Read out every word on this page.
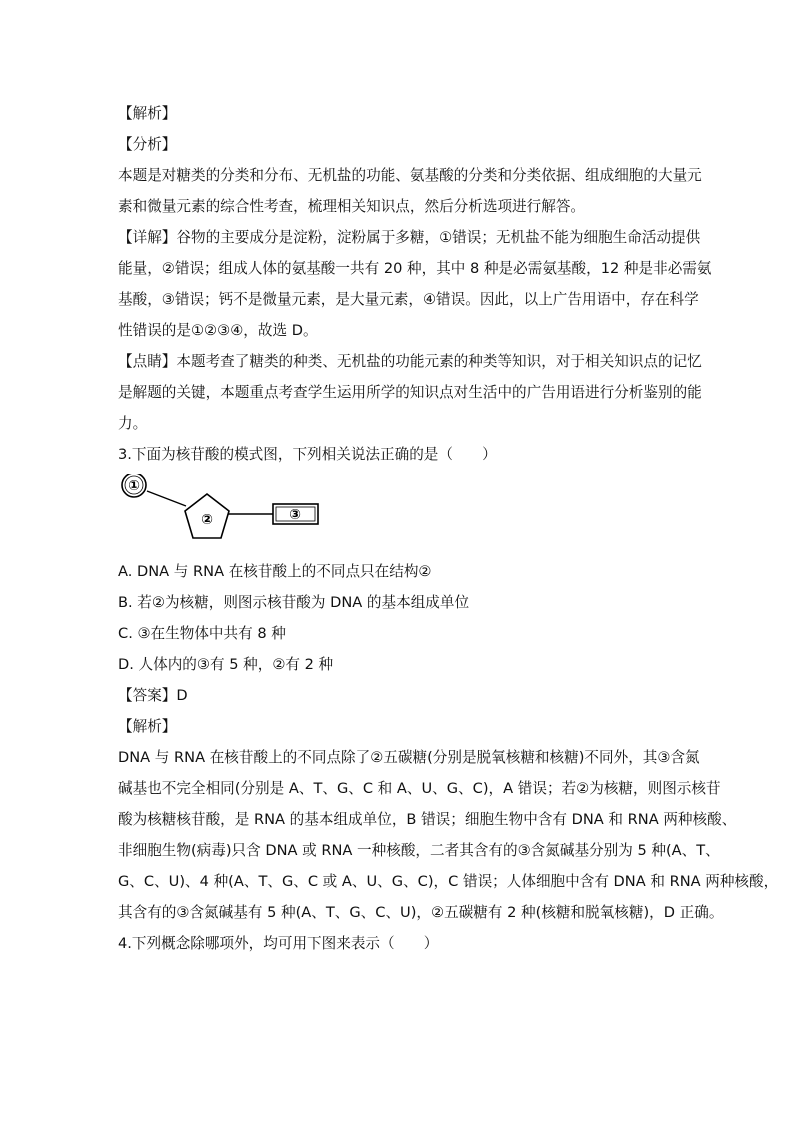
【解析】
【分析】
本题是对糖类的分类和分布、无机盐的功能、氨基酸的分类和分类依据、组成细胞的大量元
素和微量元素的综合性考查，梳理相关知识点，然后分析选项进行解答。
【详解】谷物的主要成分是淀粉，淀粉属于多糖，①错误；无机盐不能为细胞生命活动提供
能量，②错误；组成人体的氨基酸一共有 20 种，其中 8 种是必需氨基酸，12 种是非必需氨
基酸，③错误；钙不是微量元素，是大量元素，④错误。因此，以上广告用语中，存在科学
性错误的是①②③④，故选 D。
【点睛】本题考查了糖类的种类、无机盐的功能元素的种类等知识，对于相关知识点的记忆
是解题的关键，本题重点考查学生运用所学的知识点对生活中的广告用语进行分析鉴别的能
力。
3.下面为核苷酸的模式图，下列相关说法正确的是（　　）
①
②	③
A. DNA 与 RNA 在核苷酸上的不同点只在结构②
B. 若②为核糖，则图示核苷酸为 DNA 的基本组成单位
C. ③在生物体中共有 8 种
D. 人体内的③有 5 种，②有 2 种
【答案】D
【解析】
DNA 与 RNA 在核苷酸上的不同点除了②五碳糖(分别是脱氧核糖和核糖)不同外，其③含氮
碱基也不完全相同(分别是 A、T、G、C 和 A、U、G、C)，A 错误；若②为核糖，则图示核苷
酸为核糖核苷酸，是 RNA 的基本组成单位，B 错误；细胞生物中含有 DNA 和 RNA 两种核酸、
非细胞生物(病毒)只含 DNA 或 RNA 一种核酸，二者其含有的③含氮碱基分别为 5 种(A、T、
G、C、U)、4 种(A、T、G、C 或 A、U、G、C)，C 错误；人体细胞中含有 DNA 和 RNA 两种核酸，
其含有的③含氮碱基有 5 种(A、T、G、C、U)，②五碳糖有 2 种(核糖和脱氧核糖)，D 正确。
4.下列概念除哪项外，均可用下图来表示（　　）
